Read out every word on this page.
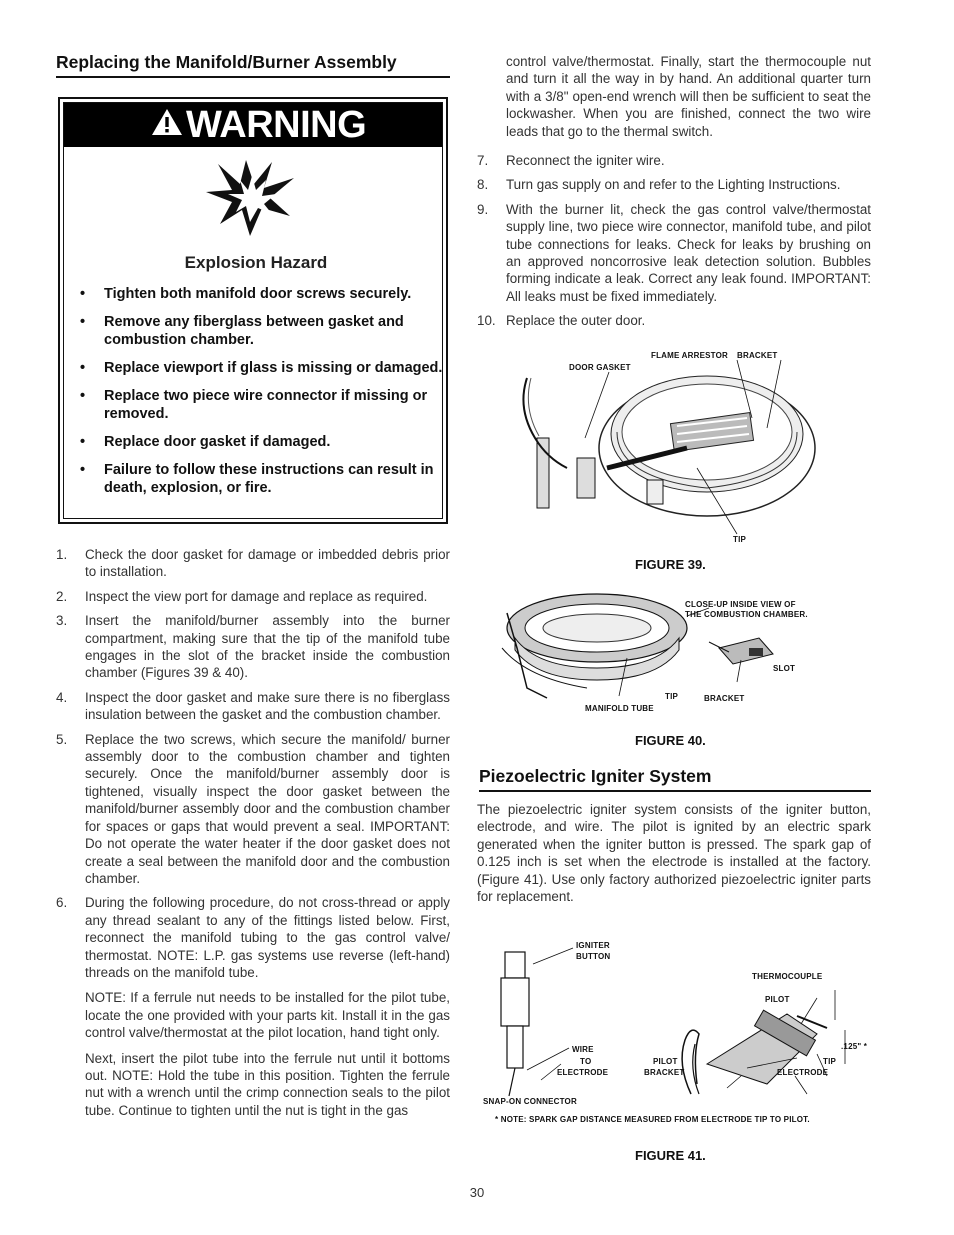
Replacing the Manifold/Burner Assembly
WARNING
Explosion Hazard
• Tighten both manifold door screws securely.
• Remove any fiberglass between gasket and combustion chamber.
• Replace viewport if glass is missing or damaged.
• Replace two piece wire connector if missing or removed.
• Replace door gasket if damaged.
• Failure to follow these instructions can result in death, explosion, or fire.
1. Check the door gasket for damage or imbedded debris prior to installation.
2. Inspect the view port for damage and replace as required.
3. Insert the manifold/burner assembly into the burner compartment, making sure that the tip of the manifold tube engages in the slot of the bracket inside the combustion chamber (Figures 39 & 40).
4. Inspect the door gasket and make sure there is no fiberglass insulation between the gasket and the combustion chamber.
5. Replace the two screws, which secure the manifold/ burner assembly door to the combustion chamber and tighten securely. Once the manifold/burner assembly door is tightened, visually inspect the door gasket between the manifold/burner assembly door and the combustion chamber for spaces or gaps that would prevent a seal. IMPORTANT: Do not operate the water heater if the door gasket does not create a seal between the manifold door and the combustion chamber.
6. During the following procedure, do not cross-thread or apply any thread sealant to any of the fittings listed below. First, reconnect the manifold tubing to the gas control valve/ thermostat. NOTE: L.P. gas systems use reverse (left-hand) threads on the manifold tube.

NOTE: If a ferrule nut needs to be installed for the pilot tube, locate the one provided with your parts kit. Install it in the gas control valve/thermostat at the pilot location, hand tight only.

Next, insert the pilot tube into the ferrule nut until it bottoms out. NOTE: Hold the tube in this position. Tighten the ferrule nut with a wrench until the crimp connection seals to the pilot tube. Continue to tighten until the nut is tight in the gas

control valve/thermostat. Finally, start the thermocouple nut and turn it all the way in by hand. An additional quarter turn with a 3/8" open-end wrench will then be sufficient to seat the lockwasher. When you are finished, connect the two wire leads that go to the thermal switch.

7. Reconnect the igniter wire.
8. Turn gas supply on and refer to the Lighting Instructions.
9. With the burner lit, check the gas control valve/thermostat supply line, two piece wire connector, manifold tube, and pilot tube connections for leaks. Check for leaks by brushing on an approved noncorrosive leak detection solution. Bubbles forming indicate a leak. Correct any leak found. IMPORTANT: All leaks must be fixed immediately.
10. Replace the outer door.
DOOR GASKET
FLAME ARRESTOR BRACKET
TIP
FIGURE 39.
CLOSE-UP INSIDE VIEW OF
THE COMBUSTION CHAMBER.
SLOT
TIP	BRACKET
MANIFOLD TUBE
FIGURE 40.
Piezoelectric Igniter System

The piezoelectric igniter system consists of the igniter button, electrode, and wire. The pilot is ignited by an electric spark generated when the igniter button is pressed. The spark gap of 0.125 inch is set when the electrode is installed at the factory. (Figure 41). Use only factory authorized piezoelectric igniter parts for replacement.

IGNITER
BUTTON
WIRE
TO
ELECTRODE
SNAP-ON CONNECTOR
THERMOCOUPLE
PILOT
.125" *
TIP
PILOT
BRACKET	ELECTRODE
* NOTE: SPARK GAP DISTANCE MEASURED FROM ELECTRODE TIP TO PILOT.
FIGURE 41.
30
